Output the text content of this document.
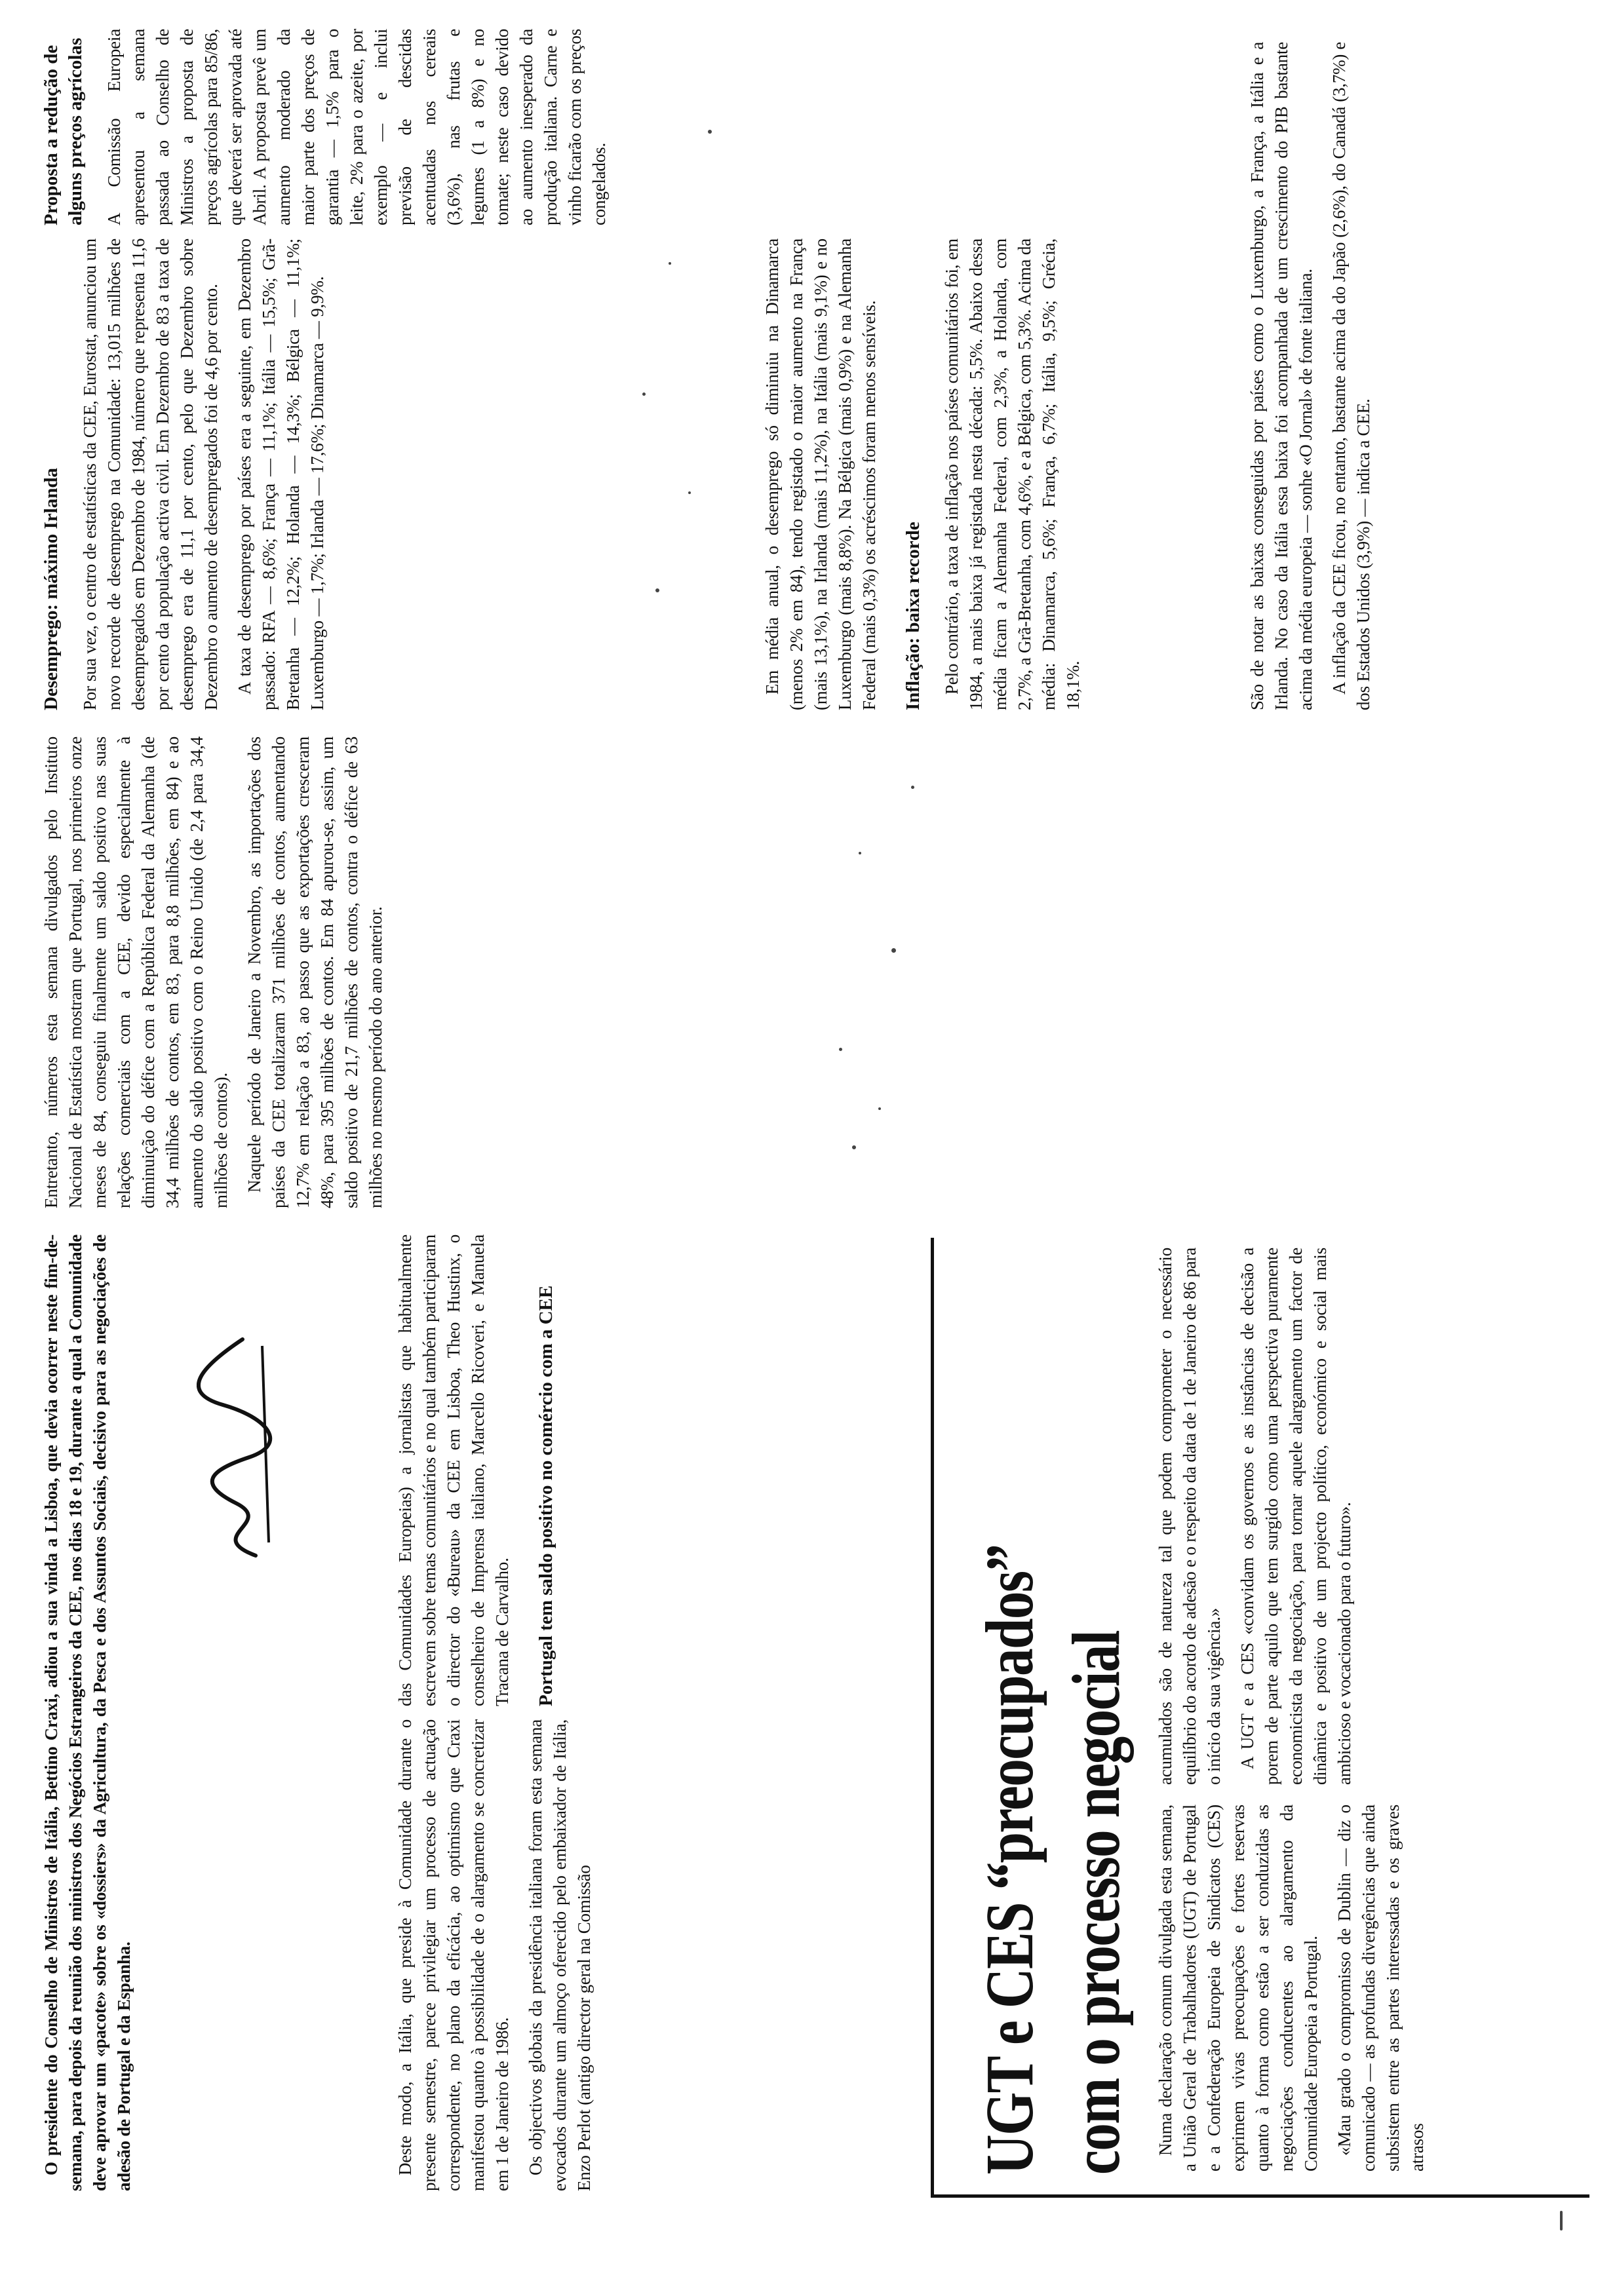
O presidente do Conselho de Ministros de Itália, Bettino Craxi, adiou a sua vinda a Lisboa, que devia ocorrer neste fim-de-semana, para depois da reunião dos ministros dos Negócios Estrangeiros da CEE, nos dias 18 e 19, durante a qual a Comunidade deve aprovar um «pacote» sobre os «dossiers» da Agricultura, da Pesca e dos Assuntos Sociais, decisivo para as negociações de adesão de Portugal e da Espanha.	Deste modo, a Itália, que preside à Comunidade durante o presente semestre, parece privilegiar um processo de actuação correspondente, no plano da eficácia, ao optimismo que Craxi manifestou quanto à possibilidade de o alargamento se concretizar em 1 de Janeiro de 1986. Os objectivos globais da presidência italiana foram esta semana evocados durante um almoço oferecido pelo embaixador de Itália, Enzo Perlot (antigo director geral na Comissão

das Comunidades Europeias) a jornalistas que habitualmente escrevem sobre temas comunitários e no qual também participaram o director do «Bureau» da CEE em Lisboa, Theo Hustinx, o conselheiro de Imprensa italiano, Marcello Ricoveri, e Manuela Tracana de Carvalho. Portugal tem saldo positivo no comércio com a CEE

Entretanto, números esta semana divulgados pelo Instituto Nacional de Estatística mostram que Portugal, nos primeiros onze meses de 84, conseguiu finalmente um saldo positivo nas suas relações comerciais com a CEE, devido especialmente à diminuição do défice com a República Federal da Alemanha (de 34,4 milhões de contos, em 83, para 8,8 milhões, em 84) e ao aumento do saldo positivo com o Reino Unido (de 2,4 para 34,4 milhões de contos). Naquele período de Janeiro a Novembro, as importações dos países da CEE totalizaram 371 milhões de contos, aumentando 12,7% em relação a 83, ao passo que as exportações cresceram 48%, para 395 milhões de contos. Em 84 apurou-se, assim, um saldo positivo de 21,7 milhões de contos, contra o défice de 63 milhões no mesmo período do ano anterior.

Desemprego: máximo Irlanda Por sua vez, o centro de estatísticas da CEE, Eurostat, anunciou um novo recorde de desemprego na Comunidade: 13,015 milhões de desempregados em Dezembro de 1984, número que representa 11,6 por cento da população activa civil. Em Dezembro de 83 a taxa de desemprego era de 11,1 por cento, pelo que Dezembro sobre Dezembro o aumento de desempregados foi de 4,6 por cento. A taxa de desemprego por países era a seguinte, em Dezembro passado: RFA — 8,6%; França — 11,1%; Itália — 15,5%; Grã-Bretanha — 12,2%; Holanda — 14,3%; Bélgica — 11,1%; Luxemburgo — 1,7%; Irlanda — 17,6%; Dinamarca — 9,9%.	Em média anual, o desemprego só diminuiu na Dinamarca (menos 2% em 84), tendo registado o maior aumento na França (mais 13,1%), na Irlanda (mais 11,2%), na Itália (mais 9,1%) e no Luxemburgo (mais 8,8%). Na Bélgica (mais 0,9%) e na Alemanha Federal (mais 0,3%) os acréscimos foram menos sensíveis. Inflação: baixa recorde Pelo contrário, a taxa de inflação nos países comunitários foi, em 1984, a mais baixa já registada nesta década: 5,5%. Abaixo dessa média ficam a Alemanha Federal, com 2,3%, a Holanda, com 2,7%, a Grã-Bretanha, com 4,6%, e a Bélgica, com 5,3%. Acima da média: Dinamarca, 5,6%; França, 6,7%; Itália, 9,5%; Grécia, 18,1%.	São de notar as baixas conseguidas por países como o Luxemburgo, a França, a Itália e a Irlanda. No caso da Itália essa baixa foi acompanhada de um crescimento do PIB bastante acima da média europeia — sonhe «O Jornal» de fonte italiana. A inflação da CEE ficou, no entanto, bastante acima da do Japão (2,6%), do Canadá (3,7%) e dos Estados Unidos (3,9%) — indica a CEE.

Proposta a redução de alguns preços agrícolas A Comissão Europeia apresentou a semana passada ao Conselho de Ministros a proposta de preços agrícolas para 85/86, que deverá ser aprovada até Abril. A proposta prevê um aumento moderado da maior parte dos preços de garantia — 1,5% para o leite, 2% para o azeite, por exemplo — e inclui previsão de descidas acentuadas nos cereais (3,6%), nas frutas e legumes (1 a 8%) e no tomate; neste caso devido ao aumento inesperado da produção italiana. Carne e vinho ficarão com os preços congelados.

UGT e CES “preocupados” com o processo negocial Numa declaração comum divulgada esta semana, a União Geral de Trabalhadores (UGT) de Portugal e a Confederação Europeia de Sindicatos (CES) exprimem vivas preocupações e fortes reservas quanto à forma como estão a ser conduzidas as negociações conducentes ao alargamento da Comunidade Europeia a Portugal. «Mau grado o compromisso de Dublin — diz o comunicado — as profundas divergências que ainda subsistem entre as partes interessadas e os graves atrasos

acumulados são de natureza tal que podem comprometer o necessário equilíbrio do acordo de adesão e o respeito da data de 1 de Janeiro de 86 para o início da sua vigência.» A UGT e a CES «convidam os governos e as instâncias de decisão a porem de parte aquilo que tem surgido como uma perspectiva puramente economicista da negociação, para tornar aquele alargamento um factor de dinâmica e positivo de um projecto político, económico e social mais ambicioso e vocacionado para o futuro».
